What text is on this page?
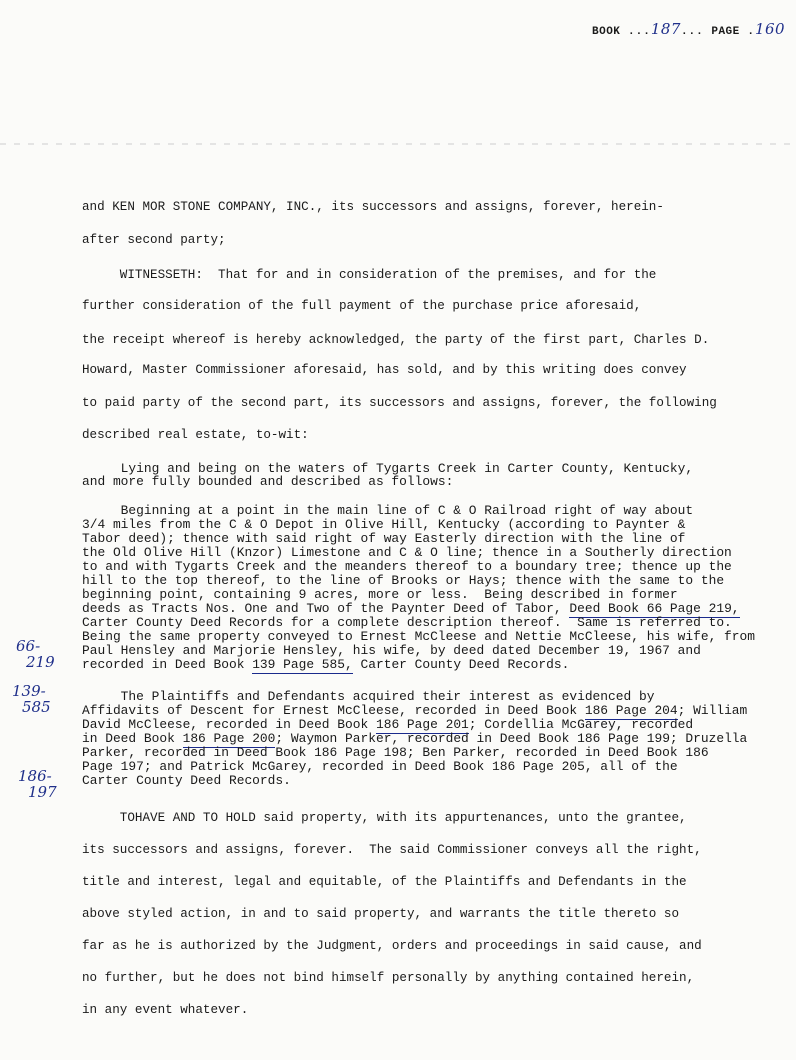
BOOK ...187... PAGE .160
and KEN MOR STONE COMPANY, INC., its successors and assigns, forever, herein-
after second party;
WITNESSETH:  That for and in consideration of the premises, and for the
further consideration of the full payment of the purchase price aforesaid,
the receipt whereof is hereby acknowledged, the party of the first part, Charles D.
Howard, Master Commissioner aforesaid, has sold, and by this writing does convey
to paid party of the second part, its successors and assigns, forever, the following
described real estate, to-wit:
Lying and being on the waters of Tygarts Creek in Carter County, Kentucky,
and more fully bounded and described as follows:
Beginning at a point in the main line of C & O Railroad right of way about
3/4 miles from the C & O Depot in Olive Hill, Kentucky (according to Paynter &
Tabor deed); thence with said right of way Easterly direction with the line of
the Old Olive Hill (Knzor) Limestone and C & O line; thence in a Southerly direction
to and with Tygarts Creek and the meanders thereof to a boundary tree; thence up the
hill to the top thereof, to the line of Brooks or Hays; thence with the same to the
beginning point, containing 9 acres, more or less.  Being described in former
deeds as Tracts Nos. One and Two of the Paynter Deed of Tabor, Deed Book 66 Page 219,
Carter County Deed Records for a complete description thereof.  Same is referred to.
Being the same property conveyed to Ernest McCleese and Nettie McCleese, his wife, from
Paul Hensley and Marjorie Hensley, his wife, by deed dated December 19, 1967 and
recorded in Deed Book 139 Page 585, Carter County Deed Records.
The Plaintiffs and Defendants acquired their interest as evidenced by
Affidavits of Descent for Ernest McCleese, recorded in Deed Book 186 Page 204; William
David McCleese, recorded in Deed Book 186 Page 201; Cordellia McGarey, recorded
in Deed Book 186 Page 200; Waymon Parker, recorded in Deed Book 186 Page 199; Druzella
Parker, recorded in Deed Book 186 Page 198; Ben Parker, recorded in Deed Book 186
Page 197; and Patrick McGarey, recorded in Deed Book 186 Page 205, all of the
Carter County Deed Records.
TOHAVE AND TO HOLD said property, with its appurtenances, unto the grantee,
its successors and assigns, forever.  The said Commissioner conveys all the right,
title and interest, legal and equitable, of the Plaintiffs and Defendants in the
above styled action, in and to said property, and warrants the title thereto so
far as he is authorized by the Judgment, orders and proceedings in said cause, and
no further, but he does not bind himself personally by anything contained herein,
in any event whatever.
66-
219
139-
585
186-
197
